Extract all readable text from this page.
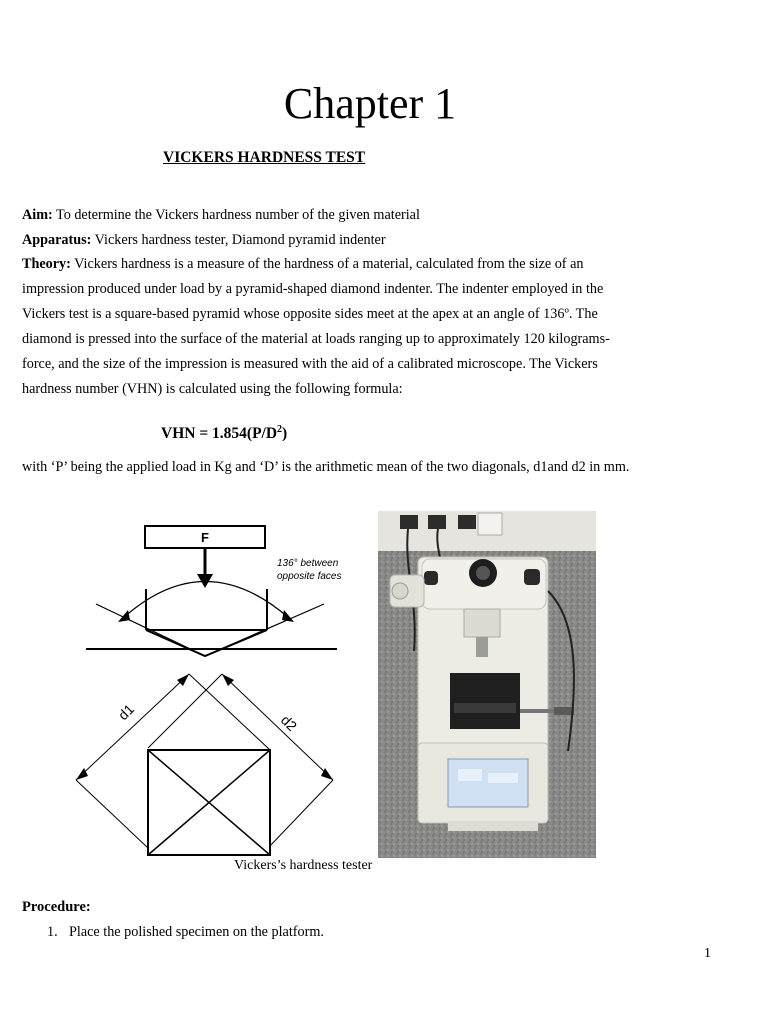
Chapter 1
VICKERS HARDNESS TEST
Aim: To determine the Vickers hardness number of the given material
Apparatus: Vickers hardness tester, Diamond pyramid indenter
Theory: Vickers hardness is a measure of the hardness of a material, calculated from the size of an
impression produced under load by a pyramid-shaped diamond indenter. The indenter employed in the
Vickers test is a square-based pyramid whose opposite sides meet at the apex at an angle of 136º. The
diamond is pressed into the surface of the material at loads ranging up to approximately 120 kilograms-
force, and the size of the impression is measured with the aid of a calibrated microscope. The Vickers
hardness number (VHN) is calculated using the following formula:
VHN = $1.854(P/D^2)$
with ‘P’ being the applied load in Kg and ‘D’ is the arithmetic mean of the two diagonals, d1and d2 in mm.
F
136° between
opposite faces
d1	d2
Vickers’s hardness tester
Procedure:
1. Place the polished specimen on the platform.
1
